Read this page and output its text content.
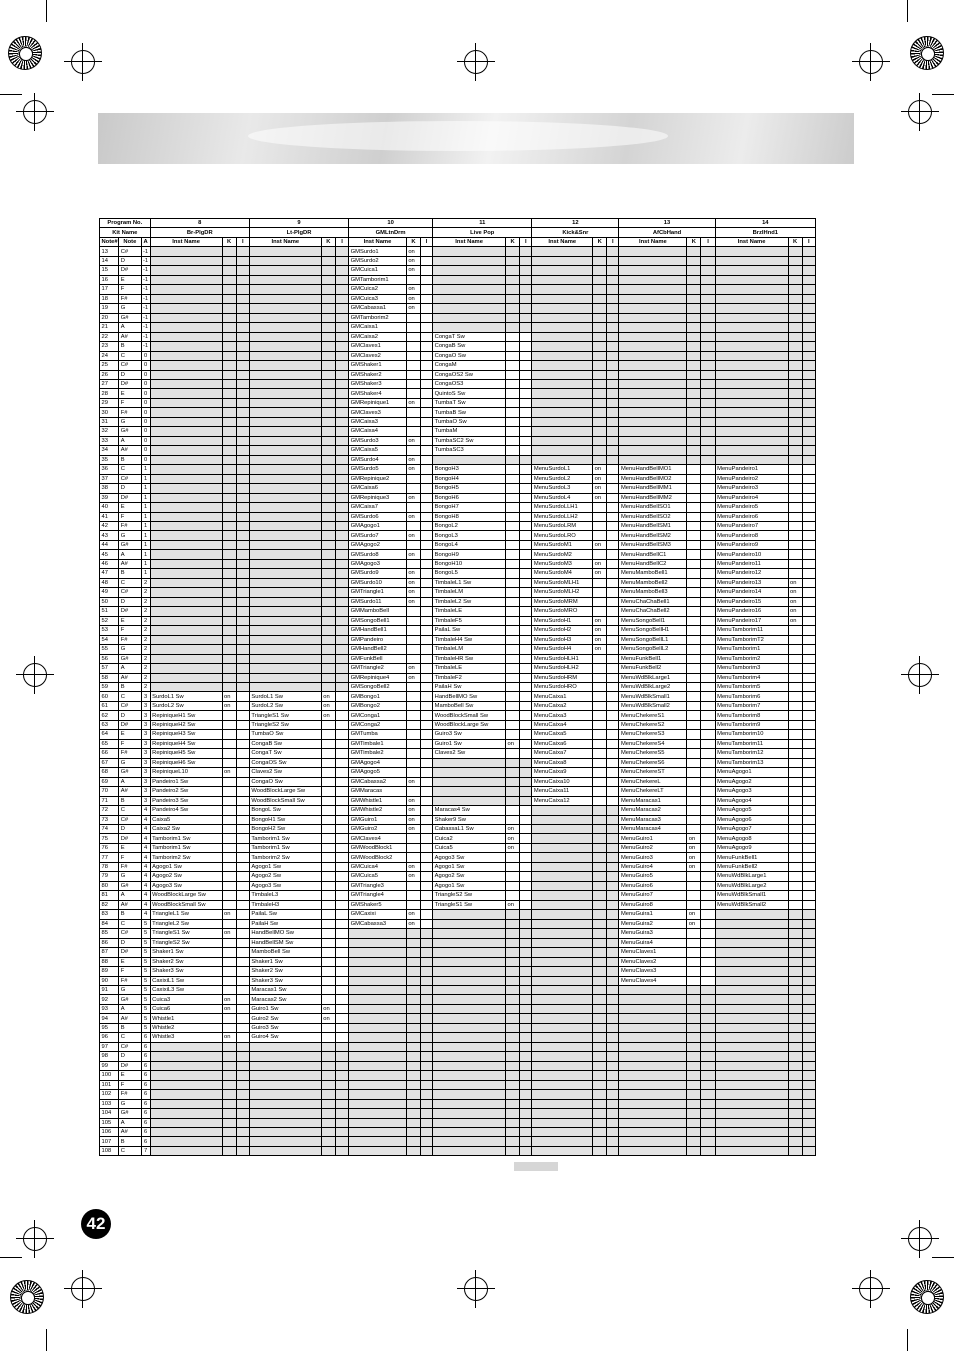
Program No.			8			9			10			11			12			13			14		
Kit Name			Br-PlgDR			Lt-PlgDR			GMLtnDrm			Live Pop			Kick&Snr			AfCbHand			BrzlHnd1		
Note#	Note	A	Inst Name	K	I	Inst Name	K	I	Inst Name	K	I	Inst Name	K	I	Inst Name	K	I	Inst Name	K	I	Inst Name	K	I
13	C#	-1							GMSurdo1	on													
14	D	-1							GMSurdo2	on													
15	D#	-1							GMCuica1	on													
16	E	-1							GMTamborim1														
17	F	-1							GMCuica2	on													
18	F#	-1							GMCuica3	on													
19	G	-1							GMCabassa1	on													
20	G#	-1							GMTamborim2														
21	A	-1							GMCaixa1														
22	A#	-1							GMCaixa2			CongaT Sw											
23	B	-1							GMClaves1			CongaB Sw											
24	C	0							GMClaves2			CongaO Sw											
25	C#	0							GMShaker1			CongaM											
26	D	0							GMShaker2			CongaOS2 Sw											
27	D#	0							GMShaker3			CongaOS3											
28	E	0							GMShaker4			QuintoS Sw											
29	F	0							GMRepinique1	on		TumbaT Sw											
30	F#	0							GMClaves3			TumbaB Sw											
31	G	0							GMCaixa3			TumbaO Sw											
32	G#	0							GMCaixa4			TumbaM											
33	A	0							GMSurdo3	on		TumbaSC2 Sw											
34	A#	0							GMCaixa5			TumbaSC3											
35	B	0							GMSurdo4	on													
36	C	1							GMSurdo5	on		BongoH3			MenuSurdoL1	on		MenuHandBellMO1			MenuPandeiro1		
37	C#	1							GMRepinique2			BongoH4			MenuSurdoL2	on		MenuHandBellMO2			MenuPandeiro2		
38	D	1							GMCaixa6			BongoH5			MenuSurdoL3	on		MenuHandBellMM1			MenuPandeiro3		
39	D#	1							GMRepinique3	on		BongoH6			MenuSurdoL4	on		MenuHandBellMM2			MenuPandeiro4		
40	E	1							GMCaixa7			BongoH7			MenuSurdoLLH1			MenuHandBellSO1			MenuPandeiro5		
41	F	1							GMSurdo6	on		BongoH8			MenuSurdoLLH2			MenuHandBellSO2			MenuPandeiro6		
42	F#	1							GMAgogo1			BongoL2			MenuSurdoLRM			MenuHandBellSM1			MenuPandeiro7		
43	G	1							GMSurdo7	on		BongoL3			MenuSurdoLRO			MenuHandBellSM2			MenuPandeiro8		
44	G#	1							GMAgogo2			BongoL4			MenuSurdoM1	on		MenuHandBellSM3			MenuPandeiro9		
45	A	1							GMSurdo8	on		BongoH9			MenuSurdoM2			MenuHandBellC1			MenuPandeiro10		
46	A#	1							GMAgogo3			BongoH10			MenuSurdoM3	on		MenuHandBellC2			MenuPandeiro11		
47	B	1							GMSurdo9	on		BongoL5			MenuSurdoM4	on		MenuMamboBell1			MenuPandeiro12		
48	C	2							GMSurdo10	on		TimbaleL1 Sw			MenuSurdoMLH1			MenuMamboBell2			MenuPandeiro13	on	
49	C#	2							GMTriangle1	on		TimbaleLM			MenuSurdoMLH2			MenuMamboBell3			MenuPandeiro14	on	
50	D	2							GMSurdo11	on		TimbaleL2 Sw			MenuSurdoMRM			MenuChaChaBell1			MenuPandeiro15	on	
51	D#	2							GMMamboBell			TimbaleLE			MenuSurdoMRO			MenuChaChaBell2			MenuPandeiro16	on	
52	E	2							GMSongoBell1			TimbaleF5			MenuSurdoH1	on		MenuSongoBell1			MenuPandeiro17	on	
53	F	2							GMHandBell1			PailaL Sw			MenuSurdoH2	on		MenuSongoBellH1			MenuTamborim11		
54	F#	2							GMPandeiro			TimbaleH4 Sw			MenuSurdoH3	on		MenuSongoBellL1			MenuTamborimT2		
55	G	2							GMHandBell2			TimbaleLM			MenuSurdoH4	on		MenuSongoBellL2			MenuTamborim1		
56	G#	2							GMFunkBell			TimbaleHR Sw			MenuSurdoHLH1			MenuFunkBell1			MenuTamborim2		
57	A	2							GMTriangle2	on		TimbaleLE			MenuSurdoHLH2			MenuFunkBell2			MenuTamborim3		
58	A#	2							GMRepinique4	on		TimbaleF2			MenuSurdoHRM			MenuWdBlkLarge1			MenuTamborim4		
59	B	2							GMSongoBell2			PailaH Sw			MenuSurdoHRO			MenuWdBlkLarge2			MenuTamborim5		
60	C	3	SurdoL1 Sw	on		SurdoL1 Sw	on		GMBongo1			HandBellMO Sw			MenuCaixa1			MenuWdBlkSmall1			MenuTamborim6		
61	C#	3	SurdoL2 Sw	on		SurdoL2 Sw	on		GMBongo2			MamboBell Sw			MenuCaixa2			MenuWdBlkSmall2			MenuTamborim7		
62	D	3	RepiniqueH1 Sw			TriangleS1 Sw	on		GMConga1			WoodBlockSmall Sw			MenuCaixa3			MenuChekereS1			MenuTamborim8		
63	D#	3	RepiniqueH2 Sw			TriangleS2 Sw			GMConga2			WoodBlockLarge Sw			MenuCaixa4			MenuChekereS2			MenuTamborim9		
64	E	3	RepiniqueH3 Sw			TumbaO Sw			GMTumba			Guiro3 Sw			MenuCaixa5			MenuChekereS3			MenuTamborim10		
65	F	3	RepiniqueH4 Sw			CongaB Sw			GMTimbale1			Guiro1 Sw	on		MenuCaixa6			MenuChekereS4			MenuTamborim11		
66	F#	3	RepiniqueH5 Sw			CongaT Sw			GMTimbale2			Claves2 Sw			MenuCaixa7			MenuChekereS5			MenuTamborim12		
67	G	3	RepiniqueH6 Sw			CongaOS Sw			GMAgogo4						MenuCaixa8			MenuChekereS6			MenuTamborim13		
68	G#	3	RepiniqueL10	on		Claves2 Sw			GMAgogo5						MenuCaixa9			MenuChekereST			MenuAgogo1		
69	A	3	Pandeiro1 Sw			CongaO Sw			GMCabassa2	on					MenuCaixa10			MenuChekereL			MenuAgogo2		
70	A#	3	Pandeiro2 Sw			WoodBlockLarge Sw			GMMaracas						MenuCaixa11			MenuChekereLT			MenuAgogo3		
71	B	3	Pandeiro3 Sw			WoodBlockSmall Sw			GMWhistle1	on					MenuCaixa12			MenuMaracas1			MenuAgogo4		
72	C	4	Pandeiro4 Sw			BongoL Sw			GMWhistle2	on		Maracas4 Sw						MenuMaracas2			MenuAgogo5		
73	C#	4	Caixa5			BongoH1 Sw			GMGuiro1	on		Shaker9 Sw						MenuMaracas3			MenuAgogo6		
74	D	4	Caixa2 Sw			BongoH2 Sw			GMGuiro2	on		CabassaL1 Sw	on					MenuMaracas4			MenuAgogo7		
75	D#	4	Tamborim1 Sw			Tamborim1 Sw			GMClaves4			Cuica2	on					MenuGuiro1	on		MenuAgogo8		
76	E	4	Tamborim1 Sw			Tamborim1 Sw			GMWoodBlock1			Cuica5	on					MenuGuiro2	on		MenuAgogo9		
77	F	4	Tamborim2 Sw			Tamborim2 Sw			GMWoodBlock2			Agogo3 Sw						MenuGuiro3	on		MenuFunkBell1		
78	F#	4	Agogo1 Sw			Agogo1 Sw			GMCuica4	on		Agogo1 Sw						MenuGuiro4	on		MenuFunkBell2		
79	G	4	Agogo2 Sw			Agogo2 Sw			GMCuica5	on		Agogo2 Sw						MenuGuiro5			MenuWdBlkLarge1		
80	G#	4	Agogo3 Sw			Agogo3 Sw			GMTriangle3			Agogo1 Sw						MenuGuiro6			MenuWdBlkLarge2		
81	A	4	WoodBlockLarge Sw			TimbaleL3			GMTriangle4			TriangleS2 Sw						MenuGuiro7			MenuWdBlkSmall1		
82	A#	4	WoodBlockSmall Sw			TimbaleH3			GMShaker5			TriangleS1 Sw	on					MenuGuiro8			MenuWdBlkSmall2		
83	B	4	TriangleL1 Sw	on		PailaL Sw			GMCaxixi	on								MenuGuira1	on				
84	C	5	TriangleL2 Sw			PailaH Sw			GMCabassa3	on								MenuGuira2	on				
85	C#	5	TriangleS1 Sw	on		HandBellMO Sw												MenuGuira3					
86	D	5	TriangleS2 Sw			HandBellSM Sw												MenuGuira4					
87	D#	5	Shaker1 Sw			MamboBell Sw												MenuClaves1					
88	E	5	Shaker2 Sw			Shaker1 Sw												MenuClaves2					
89	F	5	Shaker3 Sw			Shaker2 Sw												MenuClaves3					
90	F#	5	CaxixiL1 Sw			Shaker3 Sw												MenuClaves4					
91	G	5	CaxixiL3 Sw			Maracas1 Sw																	
92	G#	5	Cuica3	on		Maracas2 Sw																	
93	A	5	Cuica6	on		Guiro1 Sw	on																
94	A#	5	Whistle1			Guiro2 Sw	on																
95	B	5	Whistle2			Guiro3 Sw																	
96	C	6	Whistle3	on		Guiro4 Sw																	
97	C#	6																					
98	D	6																					
99	D#	6																					
100	E	6																					
101	F	6																					
102	F#	6																					
103	G	6																					
104	G#	6																					
105	A	6																					
106	A#	6																					
107	B	6																					
108	C	7																					
42
